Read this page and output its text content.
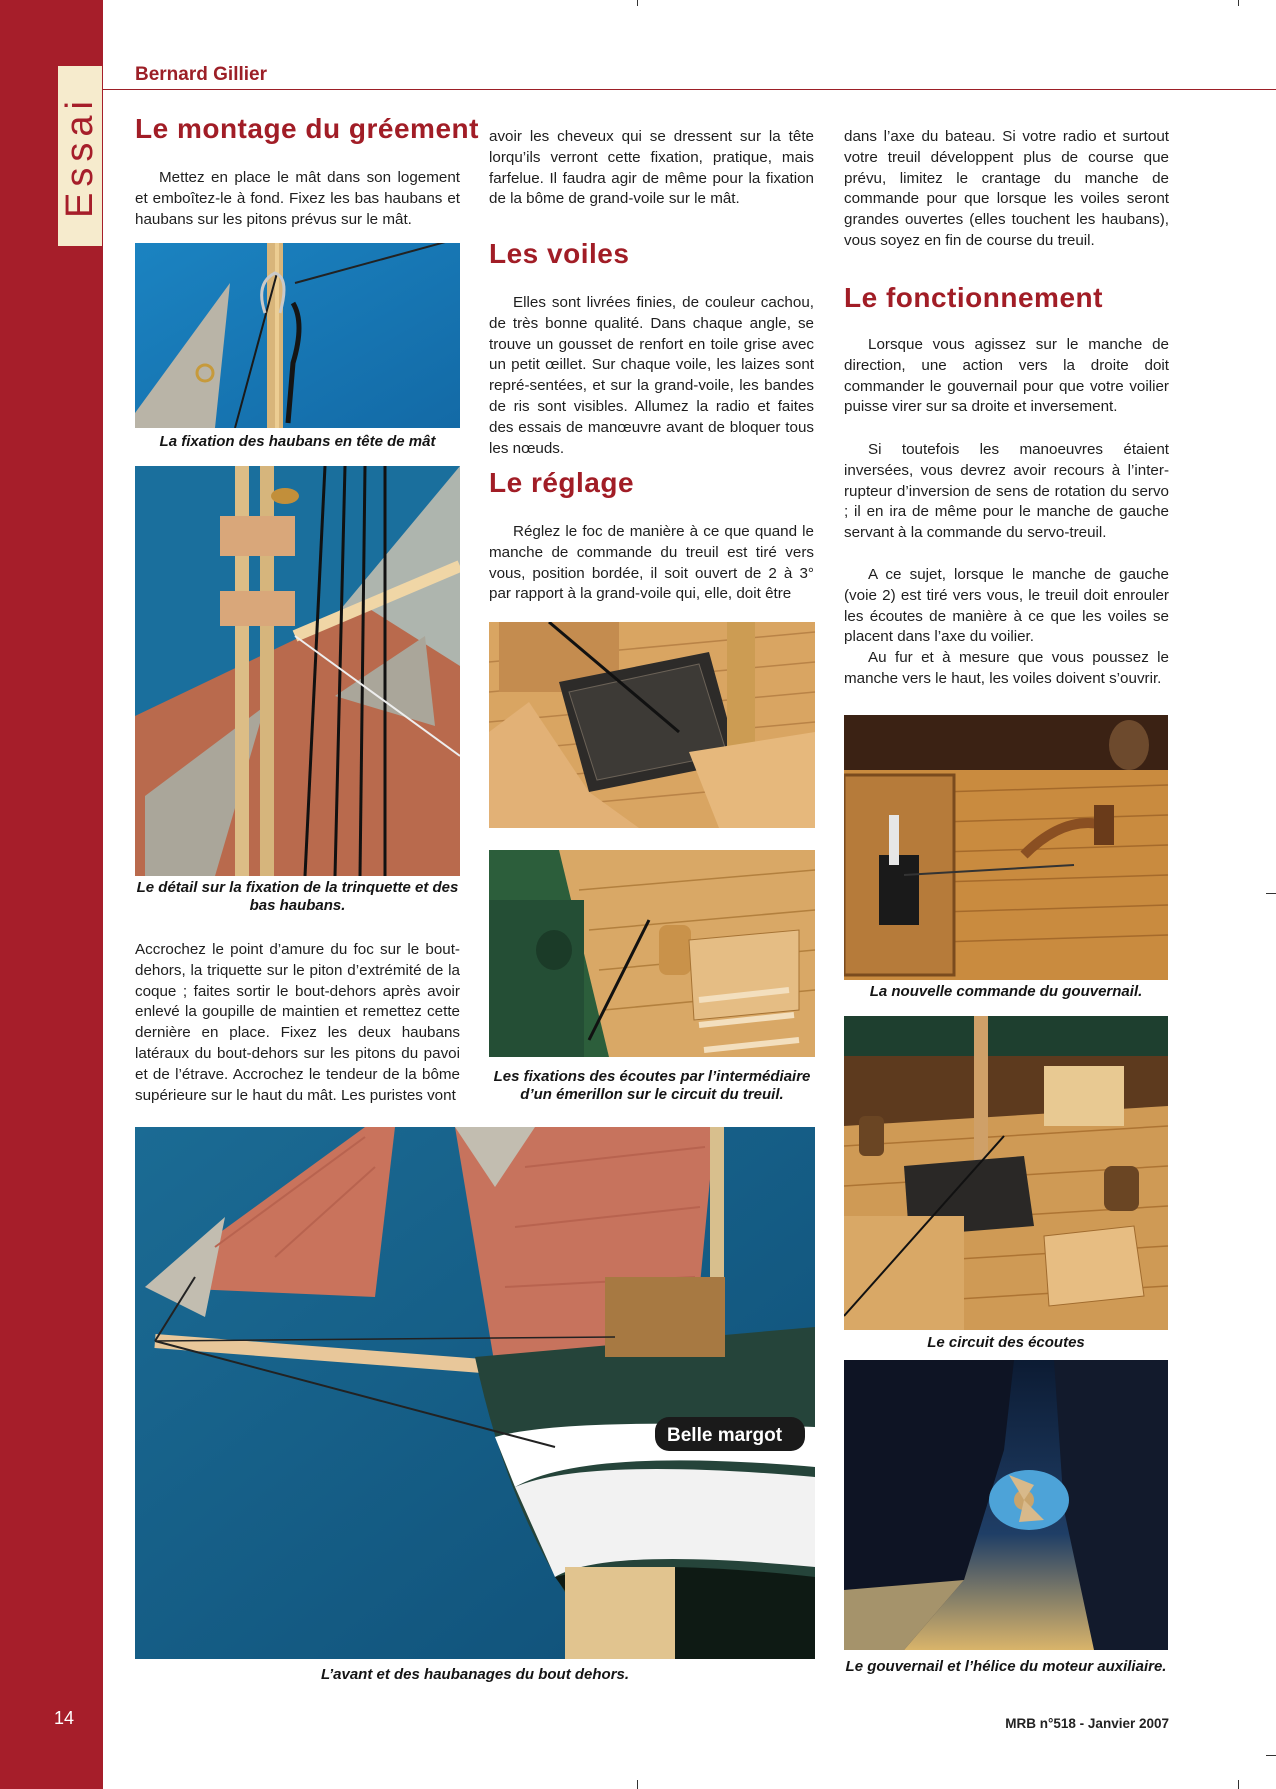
Essai
14
Bernard Gillier
Le montage du gréement

Mettez en place le mât dans son logement et emboîtez-le à fond. Fixez les bas haubans et haubans sur les pitons prévus sur le mât.

La fixation des haubans en tête de mât

Le détail sur la fixation de la trinquette et des bas haubans.

Accrochez le point d’amure du foc sur le bout-dehors, la triquette sur le piton d’extrémité de la coque ; faites sortir le bout-dehors après avoir enlevé la goupille de maintien et remettez cette dernière en place. Fixez les deux haubans latéraux du bout-dehors sur les pitons du pavoi et de l’étrave. Accrochez le tendeur de la bôme supérieure sur le haut du mât. Les puristes vont

avoir les cheveux qui se dressent sur la tête lorqu’ils verront cette fixation, pratique, mais farfelue. Il faudra agir de même pour la fixation de la bôme de grand-voile sur le mât.

Les voiles

Elles sont livrées finies, de couleur cachou, de très bonne qualité. Dans chaque angle, se trouve un gousset de renfort en toile grise avec un petit œillet. Sur chaque voile, les laizes sont repré-sentées, et sur la grand-voile, les bandes de ris sont visibles. Allumez la radio et faites des essais de manœuvre avant de bloquer tous les nœuds.

Le réglage

Réglez le foc de manière à ce que quand le manche de commande du treuil est tiré vers vous, position bordée, il soit ouvert de 2 à 3° par rapport à la grand-voile qui, elle, doit être

Les fixations des écoutes par l’intermédiaire d’un émerillon sur le circuit du treuil.

dans l’axe du bateau. Si votre radio et surtout votre treuil développent plus de course que prévu, limitez le crantage du manche de commande pour que lorsque les voiles seront grandes ouvertes (elles touchent les haubans), vous soyez en fin de course du treuil.

Le fonctionnement

Lorsque vous agissez sur le manche de direction, une action vers la droite doit commander le gouvernail pour que votre voilier puisse virer sur sa droite et inversement.

Si toutefois les manoeuvres étaient inversées, vous devrez avoir recours à l’inter-rupteur d’inversion de sens de rotation du servo ; il en ira de même pour le manche de gauche servant à la commande du servo-treuil.

A ce sujet, lorsque le manche de gauche (voie 2) est tiré vers vous, le treuil doit enrouler les écoutes de manière à ce que les voiles se placent dans l’axe du voilier.

Au fur et à mesure que vous poussez le manche vers le haut, les voiles doivent s’ouvrir.

La nouvelle commande du gouvernail.

Le circuit des écoutes

Le gouvernail et l’hélice du moteur auxiliaire.

Belle margot

L’avant et des haubanages du bout dehors.

MRB n°518 - Janvier 2007
